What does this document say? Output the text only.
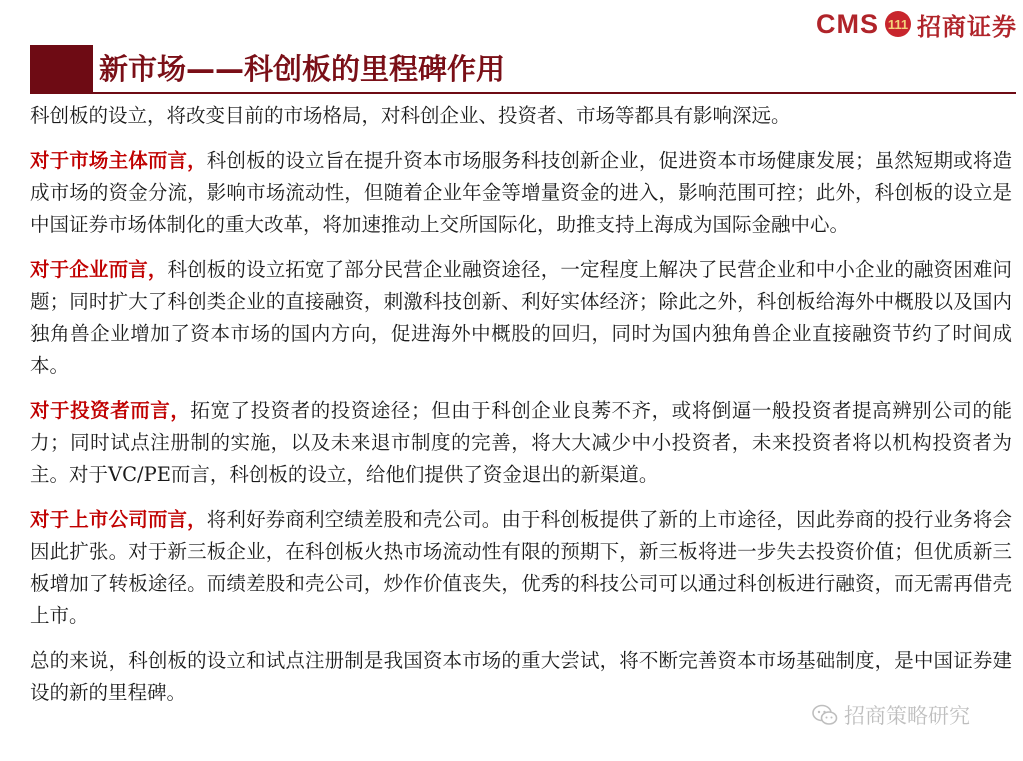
CMS 111 招商证券
新市场——科创板的里程碑作用

科创板的设立，将改变目前的市场格局，对科创企业、投资者、市场等都具有影响深远。

对于市场主体而言，科创板的设立旨在提升资本市场服务科技创新企业，促进资本市场健康发展；虽然短期或将造成市场的资金分流，影响市场流动性，但随着企业年金等增量资金的进入，影响范围可控；此外，科创板的设立是中国证券市场体制化的重大改革，将加速推动上交所国际化，助推支持上海成为国际金融中心。

对于企业而言，科创板的设立拓宽了部分民营企业融资途径，一定程度上解决了民营企业和中小企业的融资困难问题；同时扩大了科创类企业的直接融资，刺激科技创新、利好实体经济；除此之外，科创板给海外中概股以及国内独角兽企业增加了资本市场的国内方向，促进海外中概股的回归，同时为国内独角兽企业直接融资节约了时间成本。

对于投资者而言，拓宽了投资者的投资途径；但由于科创企业良莠不齐，或将倒逼一般投资者提高辨别公司的能力；同时试点注册制的实施，以及未来退市制度的完善，将大大减少中小投资者，未来投资者将以机构投资者为主。对于VC/PE而言，科创板的设立，给他们提供了资金退出的新渠道。

对于上市公司而言，将利好券商利空绩差股和壳公司。由于科创板提供了新的上市途径，因此券商的投行业务将会因此扩张。对于新三板企业，在科创板火热市场流动性有限的预期下，新三板将进一步失去投资价值；但优质新三板增加了转板途径。而绩差股和壳公司，炒作价值丧失，优秀的科技公司可以通过科创板进行融资，而无需再借壳上市。

总的来说，科创板的设立和试点注册制是我国资本市场的重大尝试，将不断完善资本市场基础制度，是中国证券建设的新的里程碑。

招商策略研究
